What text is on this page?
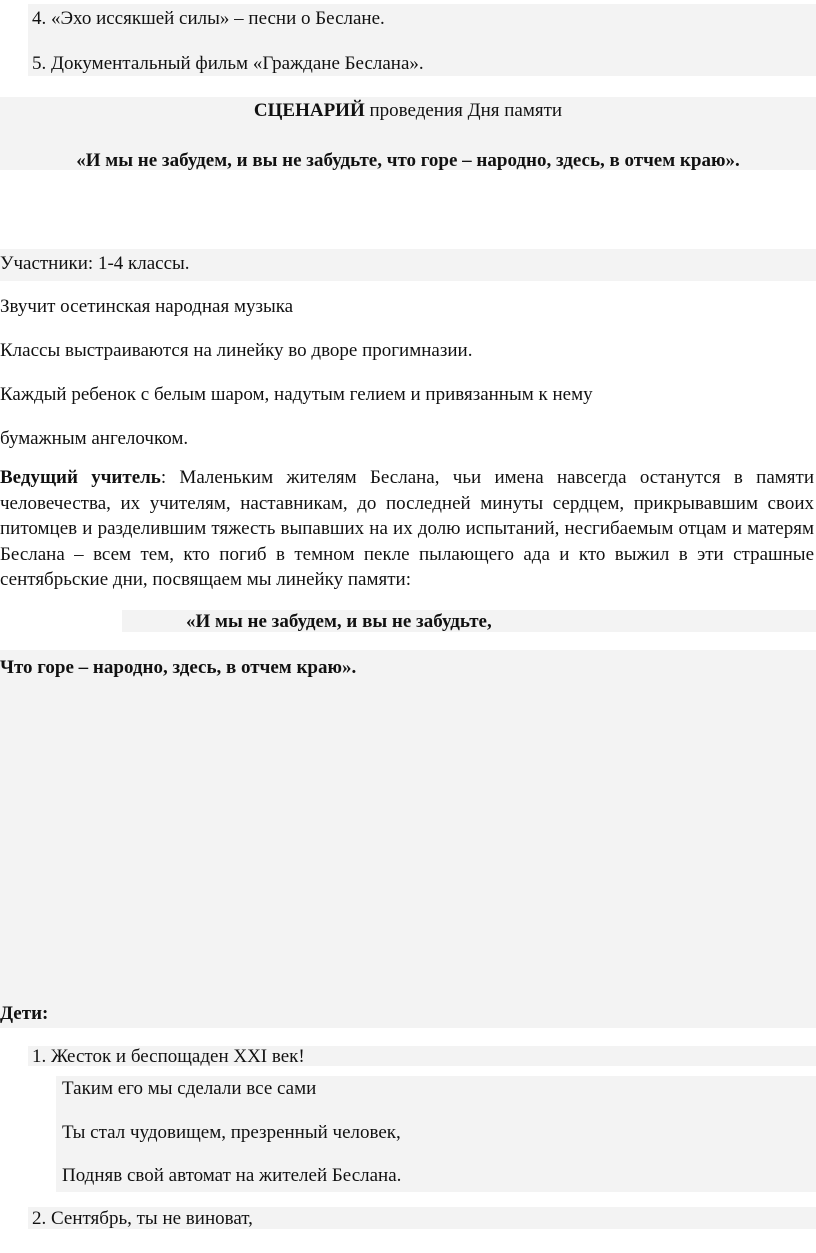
4. «Эхо иссякшей силы» – песни о Беслане.

5. Документальный фильм «Граждане Беслана».

СЦЕНАРИЙ проведения Дня памяти

«И мы не забудем, и вы не забудьте, что горе – народно, здесь, в отчем краю».

Участники: 1-4 классы.

Звучит осетинская народная музыка

Классы выстраиваются на линейку во дворе прогимназии.

Каждый ребенок с белым шаром, надутым гелием и привязанным к нему

бумажным ангелочком.

Ведущий учитель: Маленьким жителям Беслана, чьи имена навсегда останутся в памяти человечества, их учителям, наставникам, до последней минуты сердцем, прикрывавшим своих питомцев и разделившим тяжесть выпавших на их долю испытаний, несгибаемым отцам и матерям Беслана – всем тем, кто погиб в темном пекле пылающего ада и кто выжил в эти страшные сентябрьские дни, посвящаем мы линейку памяти:

«И мы не забудем, и вы не забудьте,

Что горе – народно, здесь, в отчем краю».

Дети:

1. Жесток и беспощаден XXI век!

Таким его мы сделали все сами

Ты стал чудовищем, презренный человек,

Подняв свой автомат на жителей Беслана.

2. Сентябрь, ты не виноват,
